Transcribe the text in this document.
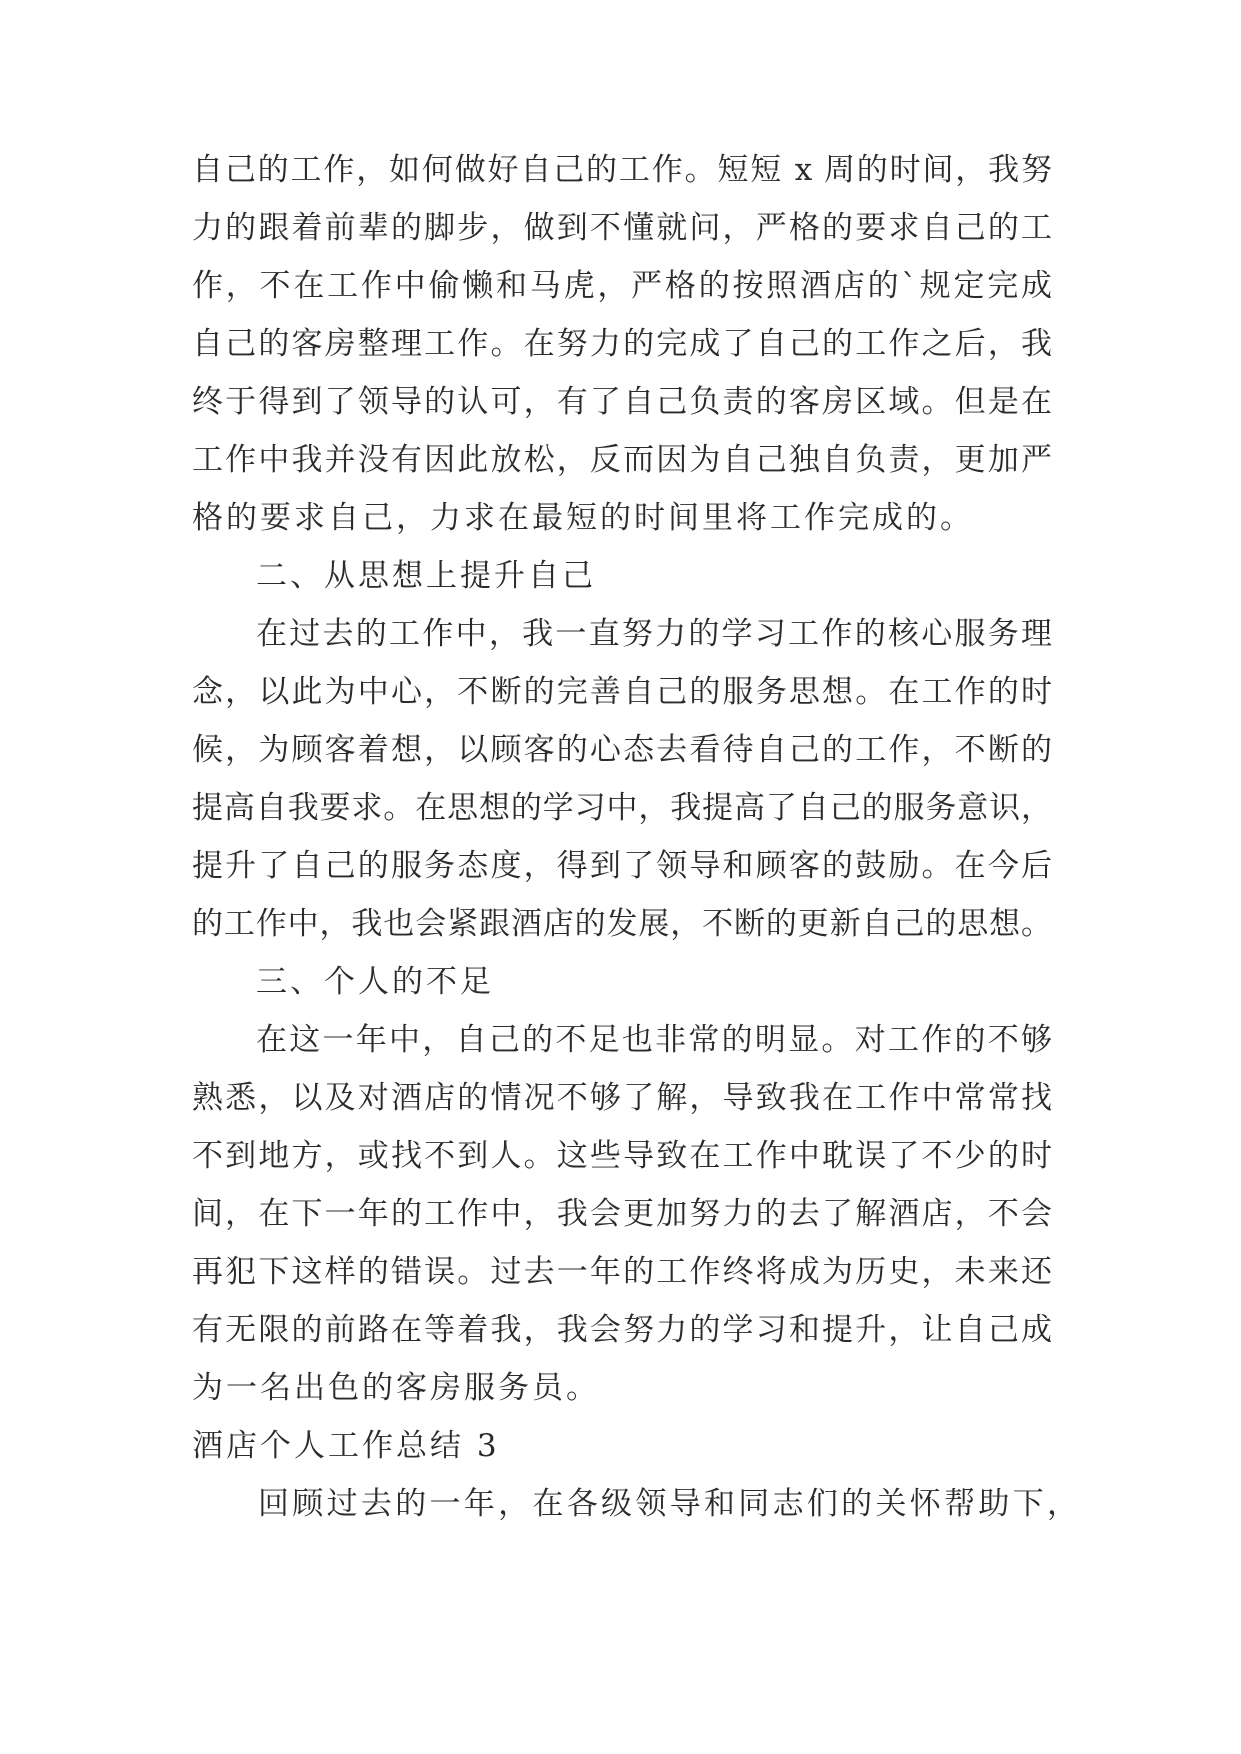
自己的工作，如何做好自己的工作。短短 x 周的时间，我努
力的跟着前辈的脚步，做到不懂就问，严格的要求自己的工
作，不在工作中偷懒和马虎，严格的按照酒店的`规定完成
自己的客房整理工作。在努力的完成了自己的工作之后，我
终于得到了领导的认可，有了自己负责的客房区域。但是在
工作中我并没有因此放松，反而因为自己独自负责，更加严
格的要求自己，力求在最短的时间里将工作完成的。
二、从思想上提升自己
在过去的工作中，我一直努力的学习工作的核心服务理
念，以此为中心，不断的完善自己的服务思想。在工作的时
候，为顾客着想，以顾客的心态去看待自己的工作，不断的
提高自我要求。在思想的学习中，我提高了自己的服务意识，
提升了自己的服务态度，得到了领导和顾客的鼓励。在今后
的工作中，我也会紧跟酒店的发展，不断的更新自己的思想。
三、个人的不足
在这一年中，自己的不足也非常的明显。对工作的不够
熟悉，以及对酒店的情况不够了解，导致我在工作中常常找
不到地方，或找不到人。这些导致在工作中耽误了不少的时
间，在下一年的工作中，我会更加努力的去了解酒店，不会
再犯下这样的错误。过去一年的工作终将成为历史，未来还
有无限的前路在等着我，我会努力的学习和提升，让自己成
为一名出色的客房服务员。
酒店个人工作总结 3
回顾过去的一年，在各级领导和同志们的关怀帮助下，
